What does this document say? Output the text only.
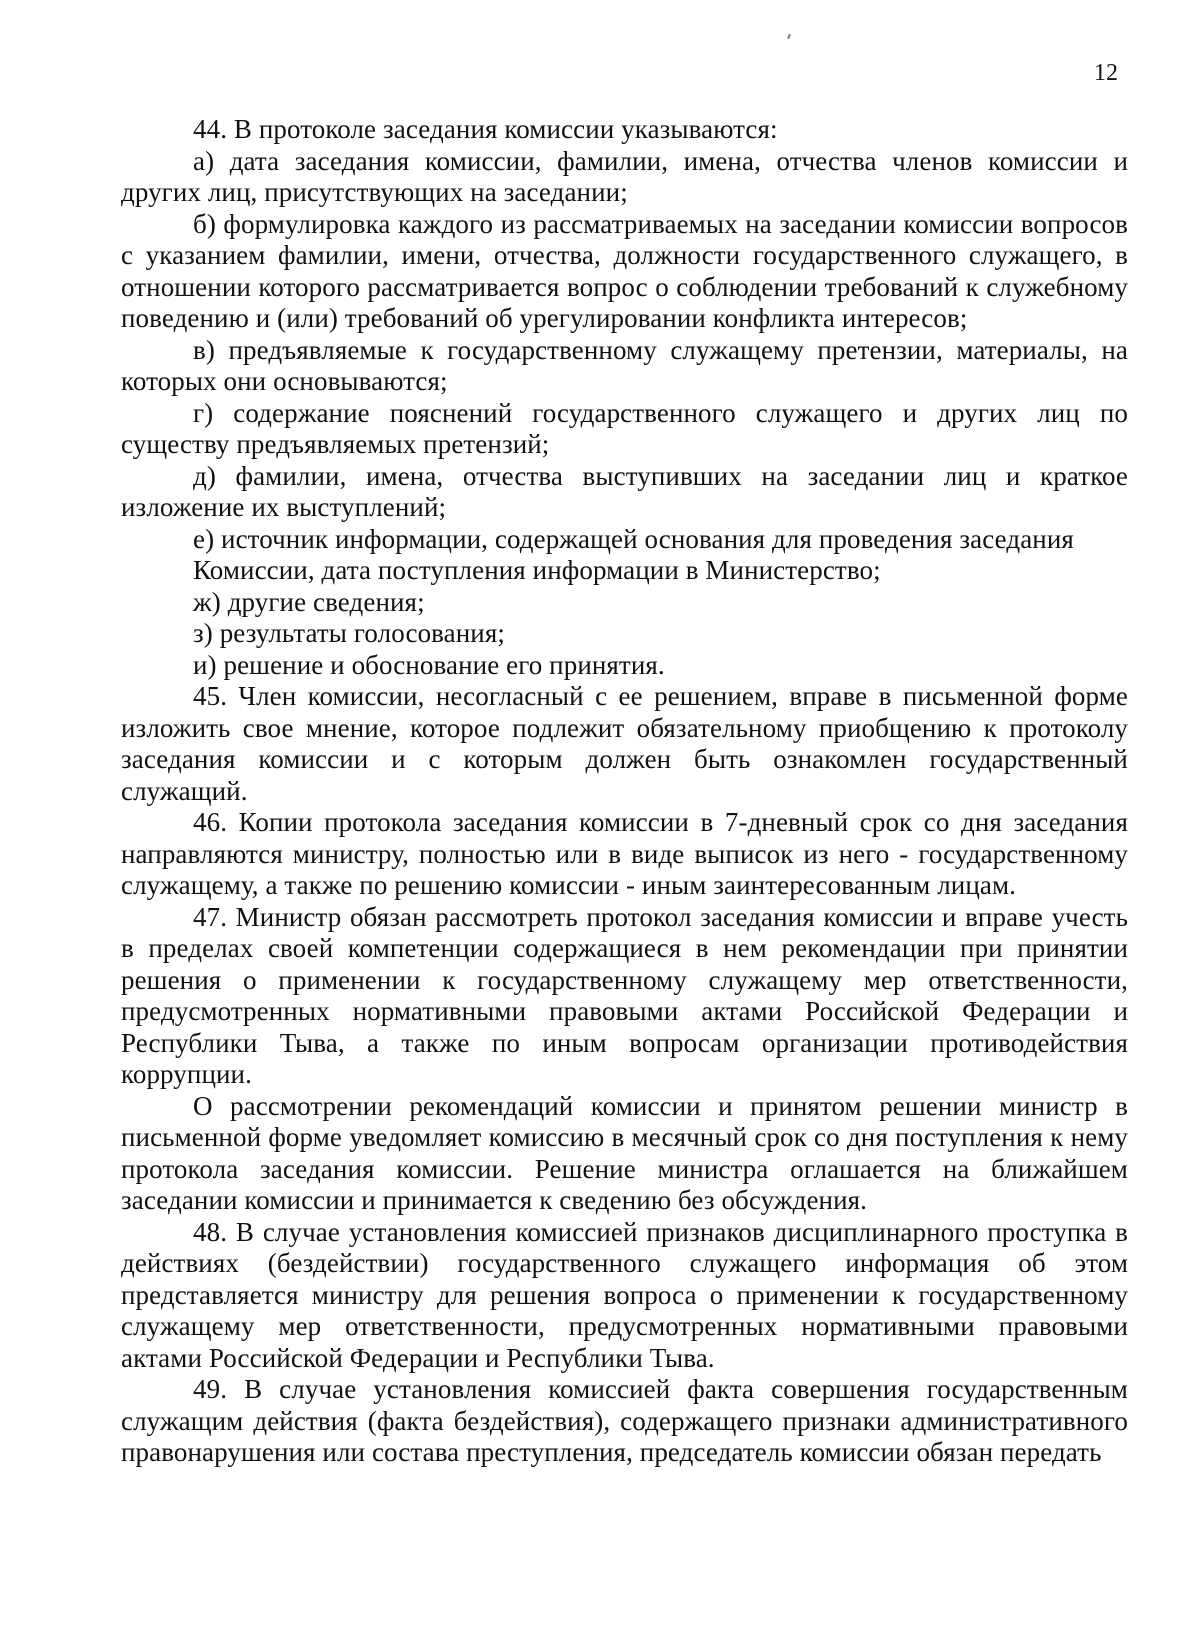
12

44. В протоколе заседания комиссии указываются:

а) дата заседания комиссии, фамилии, имена, отчества членов комиссии и других лиц, присутствующих на заседании;

б) формулировка каждого из рассматриваемых на заседании комиссии вопросов с указанием фамилии, имени, отчества, должности государственного служащего, в отношении которого рассматривается вопрос о соблюдении требований к служебному поведению и (или) требований об урегулировании конфликта интересов;

в) предъявляемые к государственному служащему претензии, материалы, на которых они основываются;

г) содержание пояснений государственного служащего и других лиц по существу предъявляемых претензий;

д) фамилии, имена, отчества выступивших на заседании лиц и краткое изложение их выступлений;

е) источник информации, содержащей основания для проведения заседания
Комиссии, дата поступления информации в Министерство;

ж) другие сведения;

з) результаты голосования;

и) решение и обоснование его принятия.

45. Член комиссии, несогласный с ее решением, вправе в письменной форме изложить свое мнение, которое подлежит обязательному приобщению к протоколу заседания комиссии и с которым должен быть ознакомлен государственный служащий.

46. Копии протокола заседания комиссии в 7-дневный срок со дня заседания направляются министру, полностью или в виде выписок из него - государственному служащему, а также по решению комиссии - иным заинтересованным лицам.

47. Министр обязан рассмотреть протокол заседания комиссии и вправе учесть в пределах своей компетенции содержащиеся в нем рекомендации при принятии решения о применении к государственному служащему мер ответственности, предусмотренных нормативными правовыми актами Российской Федерации и Республики Тыва, а также по иным вопросам организации противодействия коррупции.

О рассмотрении рекомендаций комиссии и принятом решении министр в письменной форме уведомляет комиссию в месячный срок со дня поступления к нему протокола заседания комиссии. Решение министра оглашается на ближайшем заседании комиссии и принимается к сведению без обсуждения.

48. В случае установления комиссией признаков дисциплинарного проступка в действиях (бездействии) государственного служащего информация об этом представляется министру для решения вопроса о применении к государственному служащему мер ответственности, предусмотренных нормативными правовыми актами Российской Федерации и Республики Тыва.

49. В случае установления комиссией факта совершения государственным служащим действия (факта бездействия), содержащего признаки административного правонарушения или состава преступления, председатель комиссии обязан передать
